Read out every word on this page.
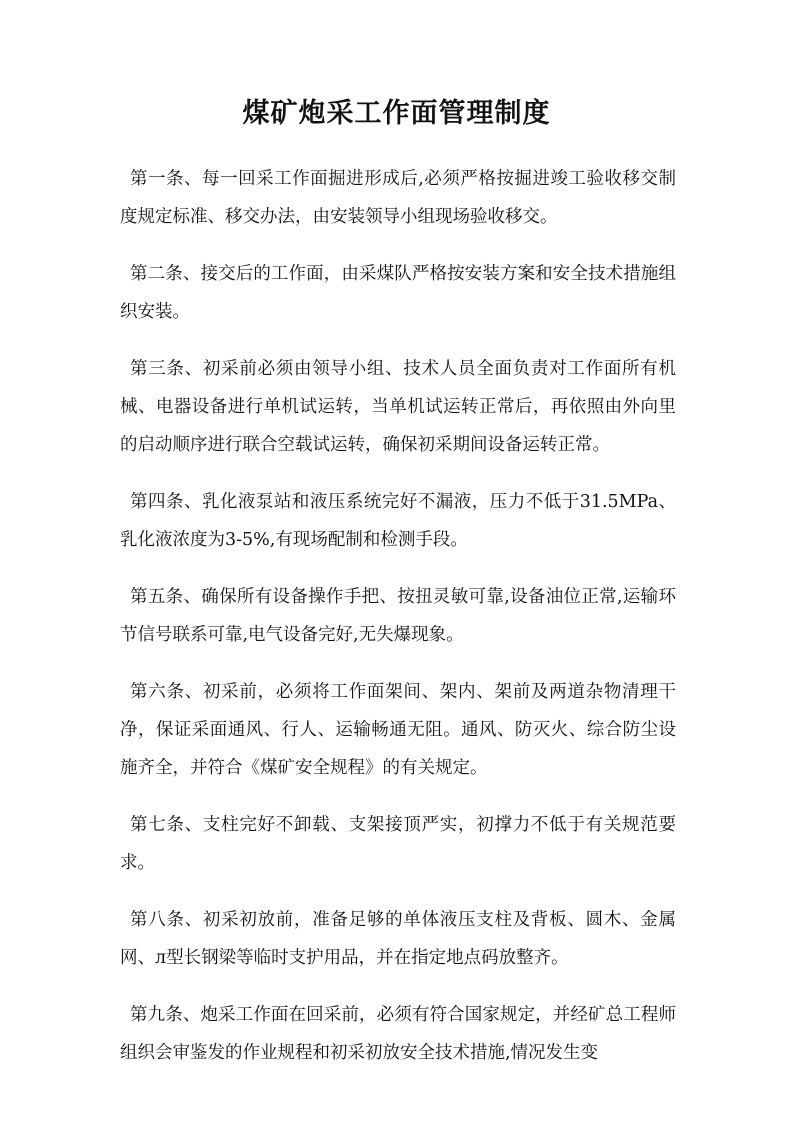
煤矿炮采工作面管理制度

第一条、每一回采工作面掘进形成后,必须严格按掘进竣工验收移交制度规定标准、移交办法，由安装领导小组现场验收移交。

第二条、接交后的工作面，由采煤队严格按安装方案和安全技术措施组织安装。

第三条、初采前必须由领导小组、技术人员全面负责对工作面所有机械、电器设备进行单机试运转，当单机试运转正常后，再依照由外向里的启动顺序进行联合空载试运转，确保初采期间设备运转正常。

第四条、乳化液泵站和液压系统完好不漏液，压力不低于31.5MPa、乳化液浓度为3-5%,有现场配制和检测手段。

第五条、确保所有设备操作手把、按扭灵敏可靠,设备油位正常,运输环节信号联系可靠,电气设备完好,无失爆现象。

第六条、初采前，必须将工作面架间、架内、架前及两道杂物清理干净，保证采面通风、行人、运输畅通无阻。通风、防灭火、综合防尘设施齐全，并符合《煤矿安全规程》的有关规定。

第七条、支柱完好不卸载、支架接顶严实，初撑力不低于有关规范要求。

第八条、初采初放前，准备足够的单体液压支柱及背板、圆木、金属网、л型长钢梁等临时支护用品，并在指定地点码放整齐。

第九条、炮采工作面在回采前，必须有符合国家规定，并经矿总工程师组织会审鉴发的作业规程和初采初放安全技术措施,情况发生变
